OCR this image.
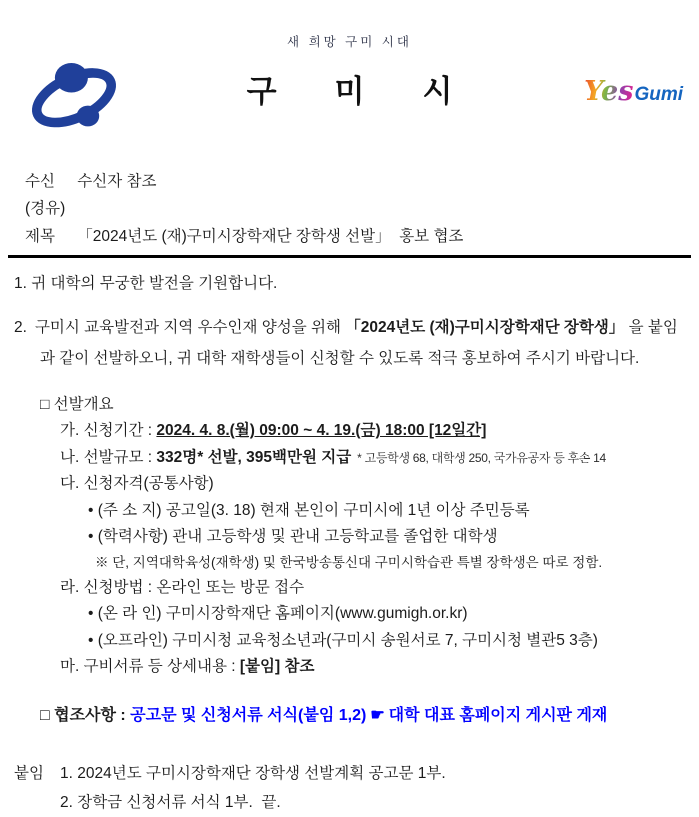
새 희망 구미 시대
구미시	YesGumi
수신 수신자 참조
(경유)
제목 「2024년도 (재)구미시장학재단 장학생 선발」  홍보 협조
1. 귀 대학의 무궁한 발전을 기원합니다.
2. 구미시 교육발전과 지역 우수인재 양성을 위해 「2024년도 (재)구미시장학재단 장학생」 을 붙임과 같이 선발하오니, 귀 대학 재학생들이 신청할 수 있도록 적극 홍보하여 주시기 바랍니다.
□ 선발개요
가. 신청기간 : 2024. 4. 8.(월) 09:00 ~ 4. 19.(금) 18:00 [12일간]
나. 선발규모 : 332명* 선발, 395백만원 지급 * 고등학생 68, 대학생 250, 국가유공자 등 후손 14
다. 신청자격(공통사항)
• (주 소 지) 공고일(3. 18) 현재 본인이 구미시에 1년 이상 주민등록
• (학력사항) 관내 고등학생 및 관내 고등학교를 졸업한 대학생
※ 단, 지역대학육성(재학생) 및 한국방송통신대 구미시학습관 특별 장학생은 따로 정함.
라. 신청방법 : 온라인 또는 방문 접수
• (온 라 인) 구미시장학재단 홈페이지(www.gumigh.or.kr)
• (오프라인) 구미시청 교육청소년과(구미시 송원서로 7, 구미시청 별관5 3층)
마. 구비서류 등 상세내용 : [붙임] 참조
□ 협조사항 : 공고문 및 신청서류 서식(붙임 1,2) ☛ 대학 대표 홈페이지 게시판 게재
붙임	1. 2024년도 구미시장학재단 장학생 선발계획 공고문 1부.
2. 장학금 신청서류 서식 1부.  끝.
